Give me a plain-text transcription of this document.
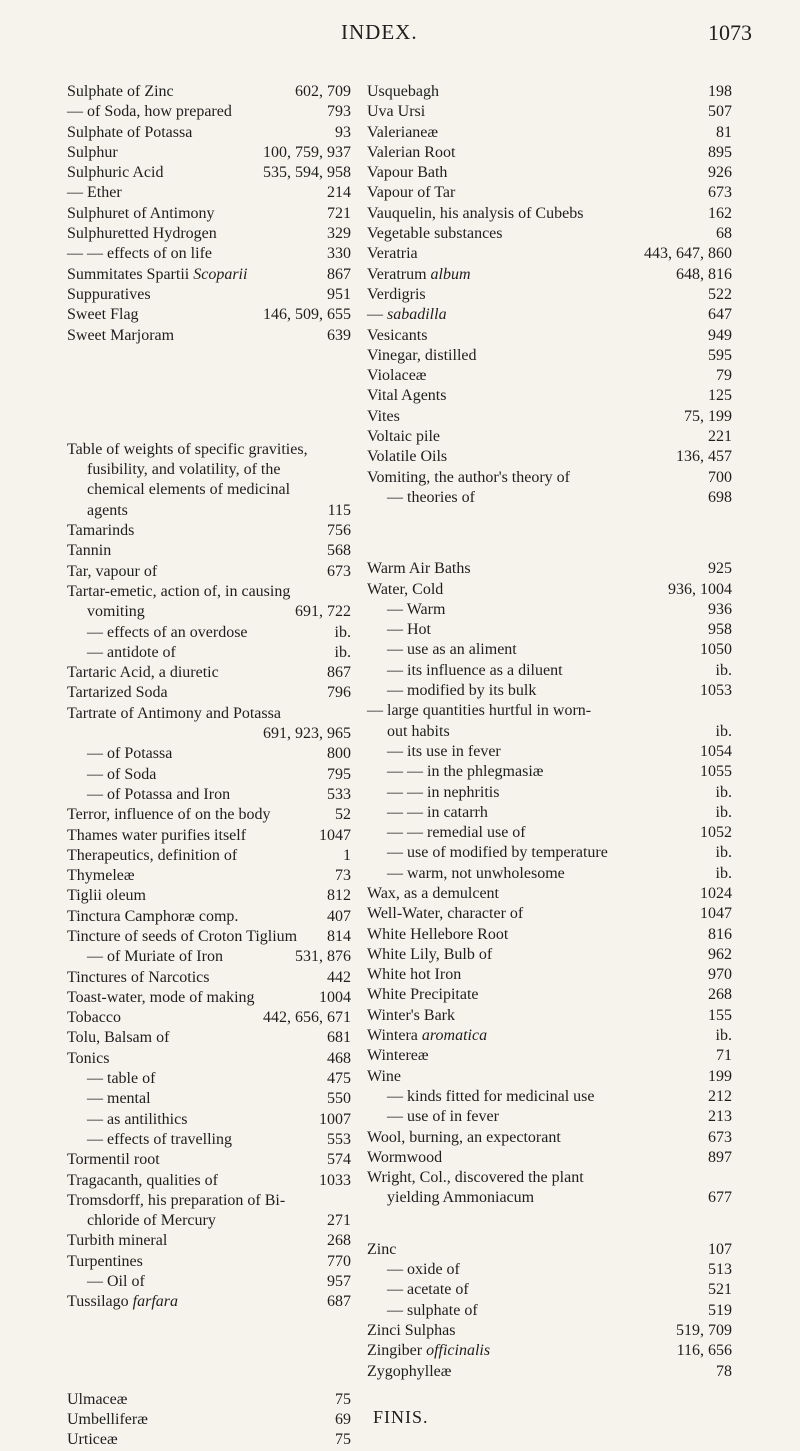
INDEX.	1073
Sulphate of Zinc	602, 709
— of Soda, how prepared	793
Sulphate of Potassa	93
Sulphur	100, 759, 937
Sulphuric Acid	535, 594, 958
— Ether	214
Sulphuret of Antimony	721
Sulphuretted Hydrogen	329
— — effects of on life	330
Summitates Spartii Scoparii	867
Suppuratives	951
Sweet Flag	146, 509, 655
Sweet Marjoram	639
Table of weights of specific gravities,
fusibility, and volatility, of the
chemical elements of medicinal
agents	115
Tamarinds	756
Tannin	568
Tar, vapour of	673
Tartar-emetic, action of, in causing
vomiting	691, 722
— effects of an overdose	ib.
— antidote of	ib.
Tartaric Acid, a diuretic	867
Tartarized Soda	796
Tartrate of Antimony and Potassa
691, 923, 965
— of Potassa	800
— of Soda	795
— of Potassa and Iron	533
Terror, influence of on the body	52
Thames water purifies itself	1047
Therapeutics, definition of	1
Thymeleæ	73
Tiglii oleum	812
Tinctura Camphoræ comp.	407
Tincture of seeds of Croton Tiglium 814
— of Muriate of Iron	531, 876
Tinctures of Narcotics	442
Toast-water, mode of making	1004
Tobacco	442, 656, 671
Tolu, Balsam of	681
Tonics	468
— table of	475
— mental	550
— as antilithics	1007
— effects of travelling	553
Tormentil root	574
Tragacanth, qualities of	1033
Tromsdorff, his preparation of Bi-
chloride of Mercury	271
Turbith mineral	268
Turpentines	770
— Oil of	957
Tussilago farfara	687
Ulmaceæ	75
Umbelliferæ	69
Urticeæ	75
Usquebagh	198
Uva Ursi	507
Valerianeæ	81
Valerian Root	895
Vapour Bath	926
Vapour of Tar	673
Vauquelin, his analysis of Cubebs	162
Vegetable substances	68
Veratria	443, 647, 860
Veratrum album	648, 816
Verdigris	522
— sabadilla	647
Vesicants	949
Vinegar, distilled	595
Violaceæ	79
Vital Agents	125
Vites	75, 199
Voltaic pile	221
Volatile Oils	136, 457
Vomiting, the author's theory of	700
— theories of	698
Warm Air Baths	925
Water, Cold	936, 1004
— Warm	936
— Hot	958
— use as an aliment	1050
— its influence as a diluent	ib.
— modified by its bulk	1053
— large quantities hurtful in worn-
out habits	ib.
— its use in fever	1054
— — in the phlegmasiæ	1055
— — in nephritis	ib.
— — in catarrh	ib.
— — remedial use of	1052
— use of modified by temperature	ib.
— warm, not unwholesome	ib.
Wax, as a demulcent	1024
Well-Water, character of	1047
White Hellebore Root	816
White Lily, Bulb of	962
White hot Iron	970
White Precipitate	268
Winter's Bark	155
Wintera aromatica	ib.
Wintereæ	71
Wine	199
— kinds fitted for medicinal use	212
— use of in fever	213
Wool, burning, an expectorant	673
Wormwood	897
Wright, Col., discovered the plant
yielding Ammoniacum	677
Zinc	107
— oxide of	513
— acetate of	521
— sulphate of	519
Zinci Sulphas	519, 709
Zingiber officinalis	116, 656
Zygophylleæ	78
FINIS.
